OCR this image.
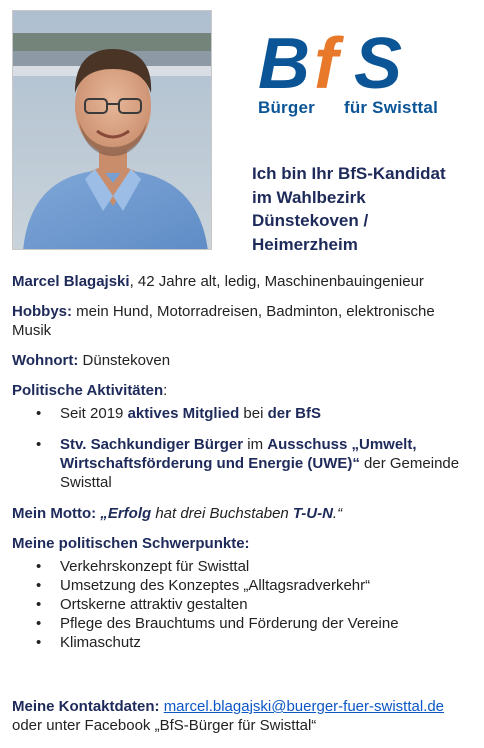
B f S
Bürger für Swisttal
Ich bin Ihr BfS-Kandidat
im Wahlbezirk
Dünstekoven /
Heimerzheim

Marcel Blagajski, 42 Jahre alt, ledig, Maschinenbauingenieur

Hobbys: mein Hund, Motorradreisen, Badminton, elektronische Musik

Wohnort: Dünstekoven

Politische Aktivitäten:

• Seit 2019 aktives Mitglied bei der BfS
• Stv. Sachkundiger Bürger im Ausschuss „Umwelt, Wirtschaftsförderung und Energie (UWE)“ der Gemeinde Swisttal

Mein Motto: „Erfolg hat drei Buchstaben T-U-N.“

Meine politischen Schwerpunkte:

• Verkehrskonzept für Swisttal
• Umsetzung des Konzeptes „Alltagsradverkehr“
• Ortskerne attraktiv gestalten
• Pflege des Brauchtums und Förderung der Vereine
• Klimaschutz
Meine Kontaktdaten: marcel.blagajski@buerger-fuer-swisttal.de
oder unter Facebook „BfS-Bürger für Swisttal“
